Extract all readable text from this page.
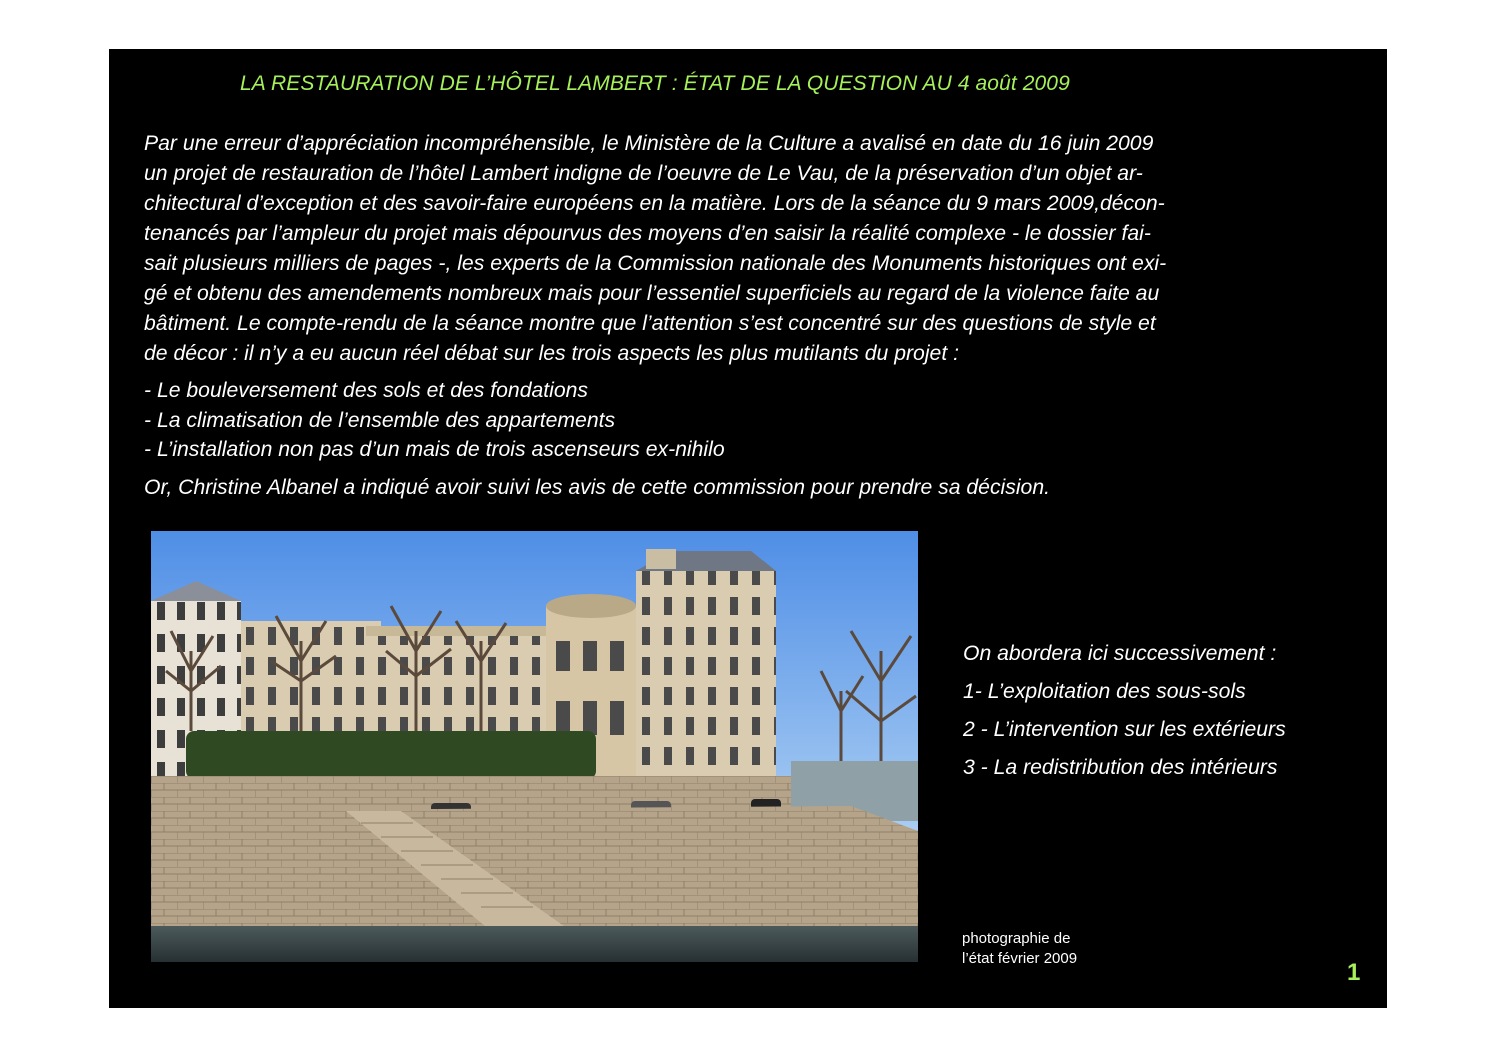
LA RESTAURATION DE L’HÔTEL LAMBERT : ÉTAT DE LA QUESTION AU 4 août 2009

Par une erreur d’appréciation incompréhensible, le Ministère de la Culture a avalisé en date du 16 juin 2009
un projet de restauration de l’hôtel Lambert indigne de l’oeuvre de Le Vau, de la préservation d’un objet ar-
chitectural d’exception et des savoir-faire européens en la matière. Lors de la séance du 9 mars 2009,décon-
tenancés par l’ampleur du projet mais dépourvus des moyens d’en saisir la réalité complexe - le dossier fai-
sait plusieurs milliers de pages -, les experts de la Commission nationale des Monuments historiques ont exi-
gé et obtenu des amendements nombreux mais pour l’essentiel superficiels au regard de la violence faite au
bâtiment. Le compte-rendu de la séance montre que l’attention s’est concentré sur des questions de style et
de décor : il n’y a eu aucun réel débat sur les trois aspects les plus mutilants du projet :

- Le bouleversement des sols et des fondations
- La climatisation de l’ensemble des appartements
- L’installation non pas d’un mais de trois ascenseurs ex-nihilo

Or, Christine Albanel a indiqué avoir suivi les avis de cette commission pour prendre sa décision.

On abordera ici successivement :
1- L’exploitation des sous-sols
2 - L’intervention sur les extérieurs
3 - La redistribution des intérieurs

photographie de
l’état février 2009

1
